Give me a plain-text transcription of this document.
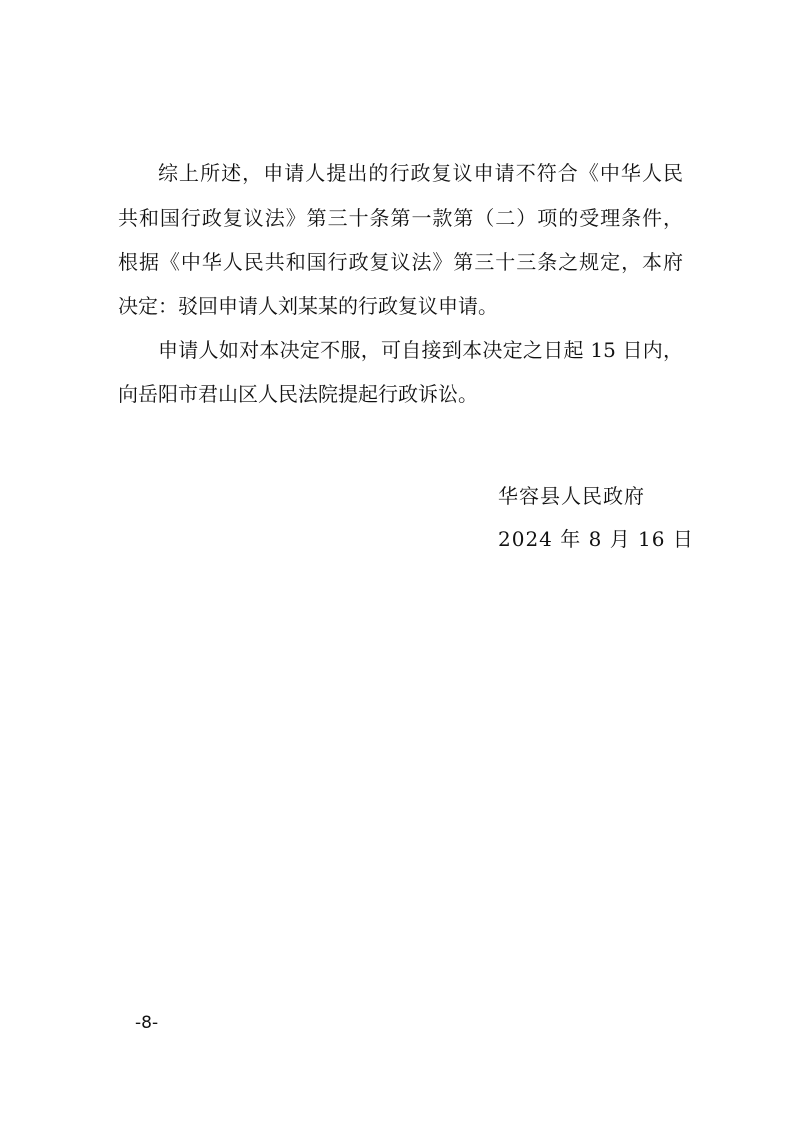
综上所述，申请人提出的行政复议申请不符合《中华人民
共和国行政复议法》第三十条第一款第（二）项的受理条件，
根据《中华人民共和国行政复议法》第三十三条之规定，本府
决定：驳回申请人刘某某的行政复议申请。
申请人如对本决定不服，可自接到本决定之日起 15 日内，
向岳阳市君山区人民法院提起行政诉讼。
华容县人民政府
2024 年 8 月 16 日
-8-
